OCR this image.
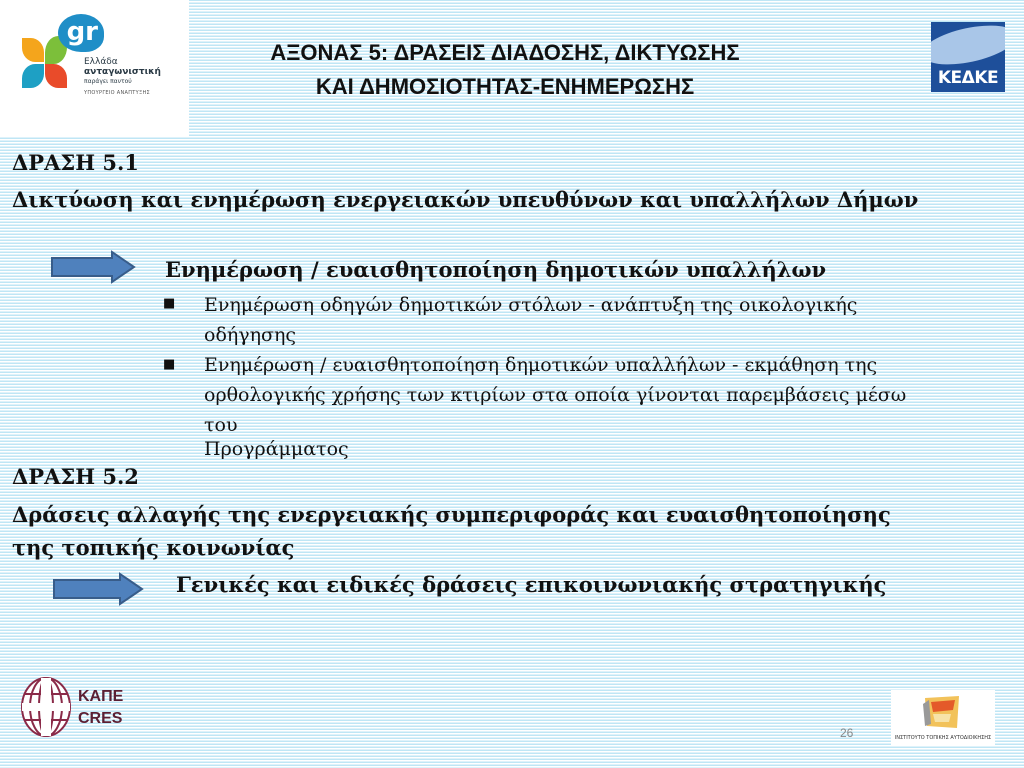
gr
Ελλάδα
ανταγωνιστική
παράγει παντού
ΥΠΟΥΡΓΕΙΟ ΑΝΑΠΤΥΞΗΣ
ΑΞΟΝΑΣ 5: ΔΡΑΣΕΙΣ ΔΙΑΔΟΣΗΣ, ΔΙΚΤΥΩΣΗΣ
ΚΑΙ ΔΗΜΟΣΙΟΤΗΤΑΣ-ΕΝΗΜΕΡΩΣΗΣ	ΚΕΔΚΕ
ΔΡΑΣΗ 5.1
Δικτύωση και ενημέρωση ενεργειακών υπευθύνων και υπαλλήλων Δήμων
Ενημέρωση / ευαισθητοποίηση δημοτικών υπαλλήλων
■ Ενημέρωση οδηγών δημοτικών στόλων - ανάπτυξη της οικολογικής
οδήγησης
■ Ενημέρωση / ευαισθητοποίηση δημοτικών υπαλλήλων - εκμάθηση της
ορθολογικής χρήσης των κτιρίων στα οποία γίνονται παρεμβάσεις μέσω
του
Προγράμματος
ΔΡΑΣΗ 5.2
Δράσεις αλλαγής της ενεργειακής συμπεριφοράς και ευαισθητοποίησης
της τοπικής κοινωνίας
Γενικές και ειδικές δράσεις επικοινωνιακής στρατηγικής
ΚΑΠΕ
CRES
26	ΙΝΣΤΙΤΟΥΤΟ ΤΟΠΙΚΗΣ ΑΥΤΟΔΙΟΙΚΗΣΗΣ
